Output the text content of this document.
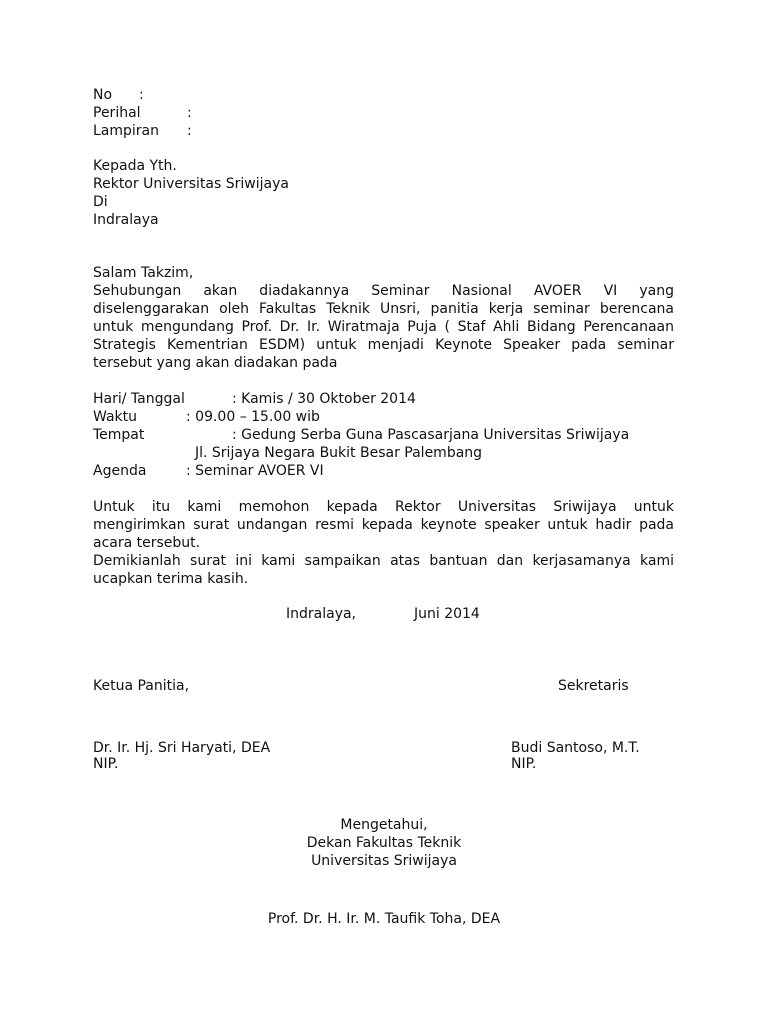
No :
Perihal	:
Lampiran :
Kepada Yth.
Rektor Universitas Sriwijaya
Di
Indralaya
Salam Takzim,
Sehubungan akan diadakannya Seminar Nasional AVOER VI yang
diselenggarakan oleh Fakultas Teknik Unsri, panitia kerja seminar berencana
untuk mengundang Prof. Dr. Ir. Wiratmaja Puja ( Staf Ahli Bidang Perencanaan
Strategis Kementrian ESDM) untuk menjadi Keynote Speaker pada seminar
tersebut yang akan diadakan pada
Hari/ Tanggal	: Kamis / 30 Oktober 2014
Waktu	: 09.00 – 15.00 wib
Tempat	: Gedung Serba Guna Pascasarjana Universitas Sriwijaya
Jl. Srijaya Negara Bukit Besar Palembang
Agenda	: Seminar AVOER VI
Untuk itu kami memohon kepada Rektor Universitas Sriwijaya untuk
mengirimkan surat undangan resmi kepada keynote speaker untuk hadir pada
acara tersebut.
Demikianlah surat ini kami sampaikan atas bantuan dan kerjasamanya kami
ucapkan terima kasih.
Indralaya,	Juni 2014
Ketua Panitia,	Sekretaris
Dr. Ir. Hj. Sri Haryati, DEA	Budi Santoso, M.T.
NIP.	NIP.
Mengetahui,
Dekan Fakultas Teknik
Universitas Sriwijaya
Prof. Dr. H. Ir. M. Taufik Toha, DEA
